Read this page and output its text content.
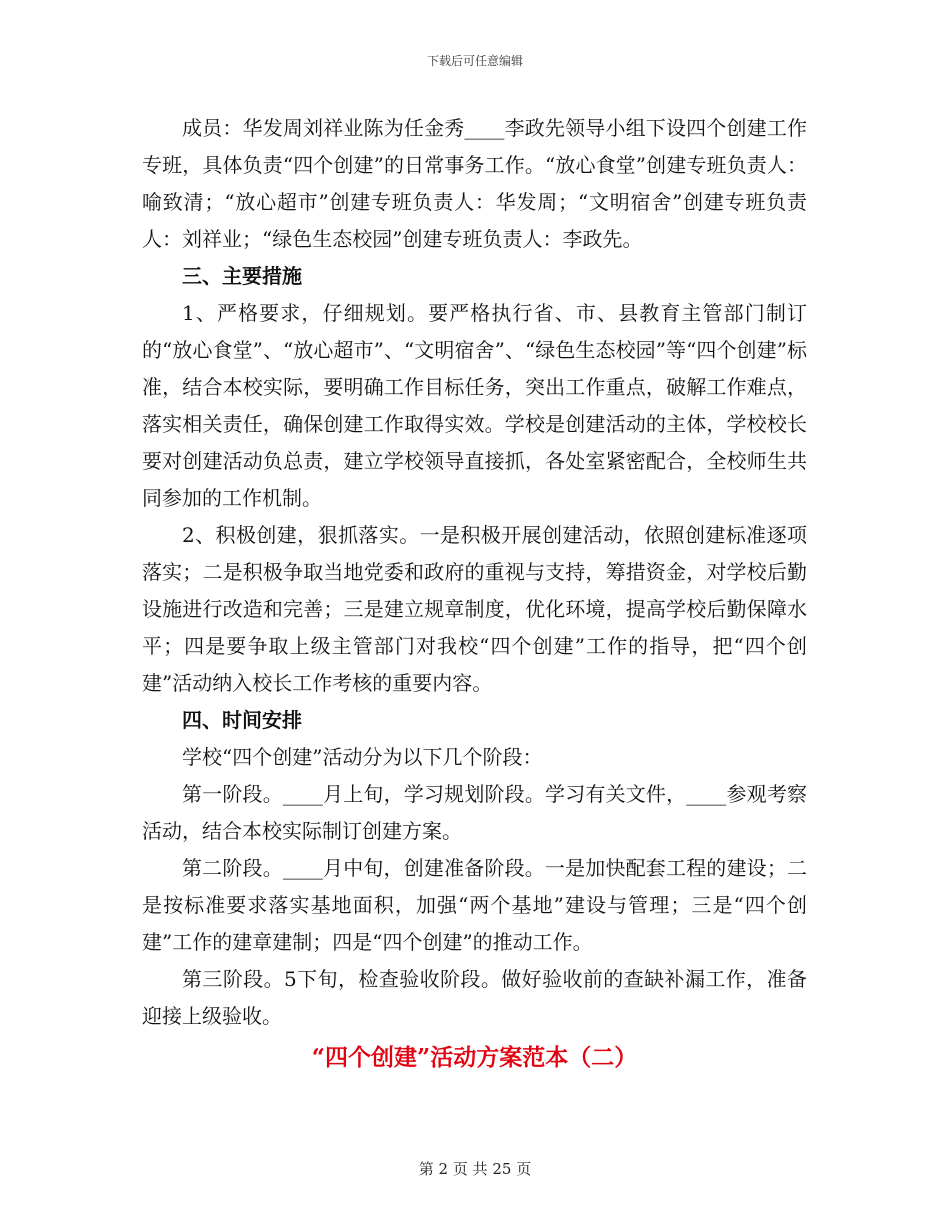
下载后可任意编辑

成员：华发周刘祥业陈为任金秀____李政先领导小组下设四个创建工作专班，具体负责“四个创建”的日常事务工作。“放心食堂”创建专班负责人：喻致清；“放心超市”创建专班负责人：华发周；“文明宿舍”创建专班负责人：刘祥业；“绿色生态校园”创建专班负责人：李政先。

三、主要措施

1、严格要求，仔细规划。要严格执行省、市、县教育主管部门制订的“放心食堂”、“放心超市”、“文明宿舍”、“绿色生态校园”等“四个创建”标准，结合本校实际，要明确工作目标任务，突出工作重点，破解工作难点，落实相关责任，确保创建工作取得实效。学校是创建活动的主体，学校校长要对创建活动负总责，建立学校领导直接抓，各处室紧密配合，全校师生共同参加的工作机制。

2、积极创建，狠抓落实。一是积极开展创建活动，依照创建标准逐项落实；二是积极争取当地党委和政府的重视与支持，筹措资金，对学校后勤设施进行改造和完善；三是建立规章制度，优化环境，提高学校后勤保障水平；四是要争取上级主管部门对我校“四个创建”工作的指导，把“四个创建”活动纳入校长工作考核的重要内容。

四、时间安排

学校“四个创建”活动分为以下几个阶段：

第一阶段。____月上旬，学习规划阶段。学习有关文件，____参观考察活动，结合本校实际制订创建方案。

第二阶段。____月中旬，创建准备阶段。一是加快配套工程的建设；二是按标准要求落实基地面积，加强“两个基地”建设与管理；三是“四个创建”工作的建章建制；四是“四个创建”的推动工作。

第三阶段。5下旬，检查验收阶段。做好验收前的查缺补漏工作，准备迎接上级验收。

“四个创建”活动方案范本（二）

第 2 页 共 25 页
